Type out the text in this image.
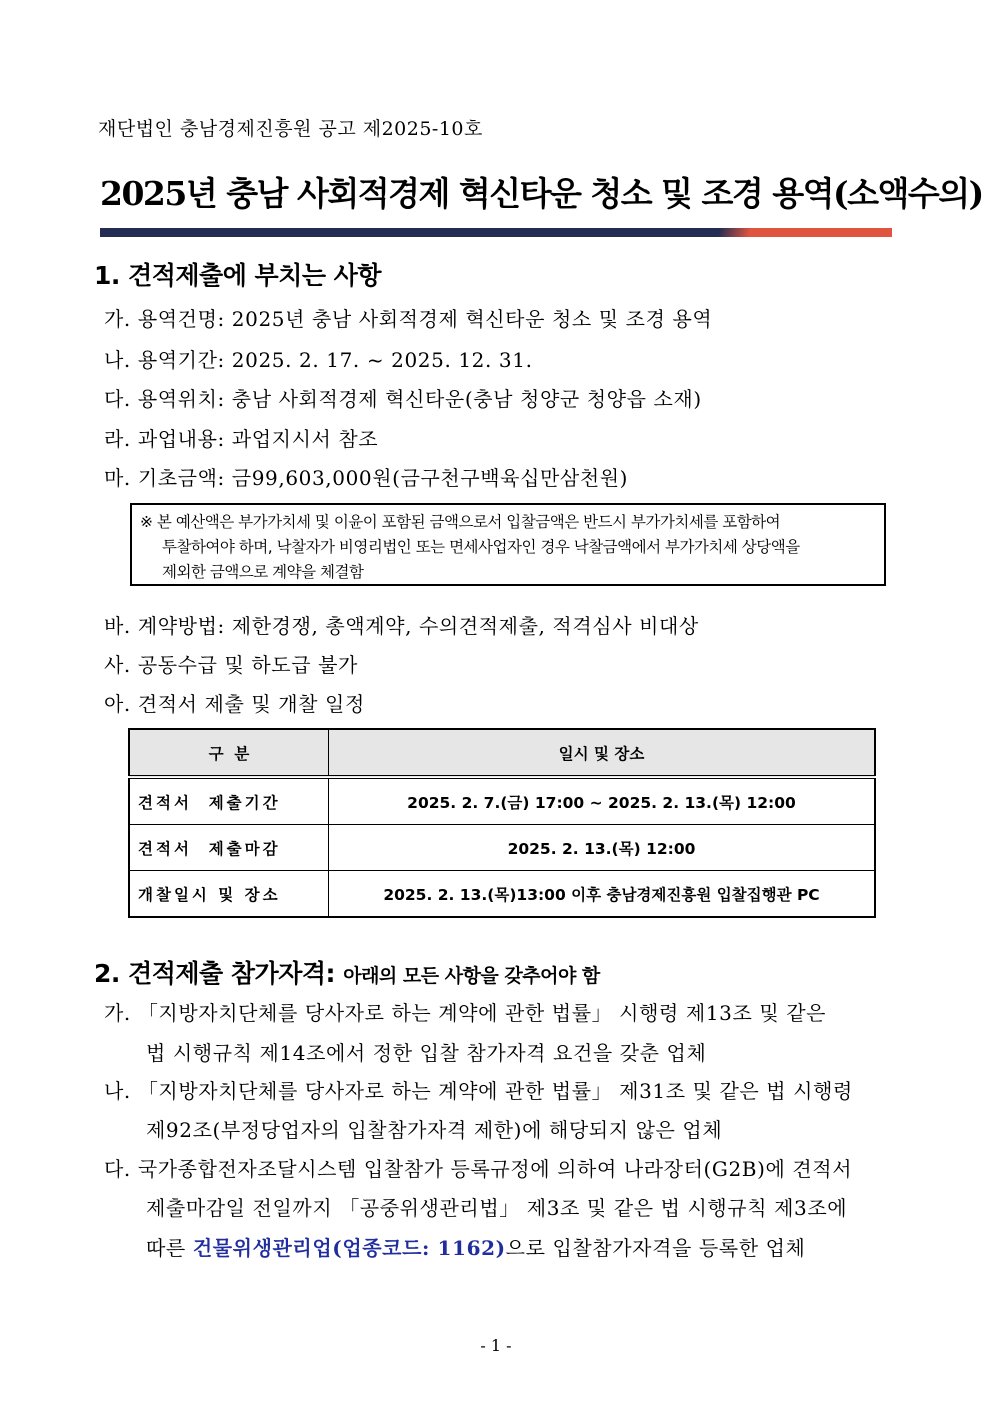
재단법인 충남경제진흥원 공고 제2025-10호
2025년 충남 사회적경제 혁신타운 청소 및 조경 용역(소액수의)
1. 견적제출에 부치는 사항
가. 용역건명: 2025년 충남 사회적경제 혁신타운 청소 및 조경 용역
나. 용역기간: 2025. 2. 17. ~ 2025. 12. 31.
다. 용역위치: 충남 사회적경제 혁신타운(충남 청양군 청양읍 소재)
라. 과업내용: 과업지시서 참조
마. 기초금액: 금99,603,000원(금구천구백육십만삼천원)
※ 본 예산액은 부가가치세 및 이윤이 포함된 금액으로서 입찰금액은 반드시 부가가치세를 포함하여
투찰하여야 하며, 낙찰자가 비영리법인 또는 면세사업자인 경우 낙찰금액에서 부가가치세 상당액을
제외한 금액으로 계약을 체결함
바. 계약방법: 제한경쟁, 총액계약, 수의견적제출, 적격심사 비대상
사. 공동수급 및 하도급 불가
아. 견적서 제출 및 개찰 일정
구  분	일시 및 장소
견적서  제출기간	2025. 2. 7.(금) 17:00 ~ 2025. 2. 13.(목) 12:00
견적서  제출마감	2025. 2. 13.(목) 12:00
개찰일시 및 장소	2025. 2. 13.(목)13:00 이후 충남경제진흥원 입찰집행관 PC
2. 견적제출 참가자격: 아래의 모든 사항을 갖추어야 함
가. 「지방자치단체를 당사자로 하는 계약에 관한 법률」 시행령 제13조 및 같은
법 시행규칙 제14조에서 정한 입찰 참가자격 요건을 갖춘 업체
나. 「지방자치단체를 당사자로 하는 계약에 관한 법률」 제31조 및 같은 법 시행령
제92조(부정당업자의 입찰참가자격 제한)에 해당되지 않은 업체
다. 국가종합전자조달시스템 입찰참가 등록규정에 의하여 나라장터(G2B)에 견적서
제출마감일 전일까지 「공중위생관리법」 제3조 및 같은 법 시행규칙 제3조에
따른 건물위생관리업(업종코드: 1162)으로 입찰참가자격을 등록한 업체
- 1 -
